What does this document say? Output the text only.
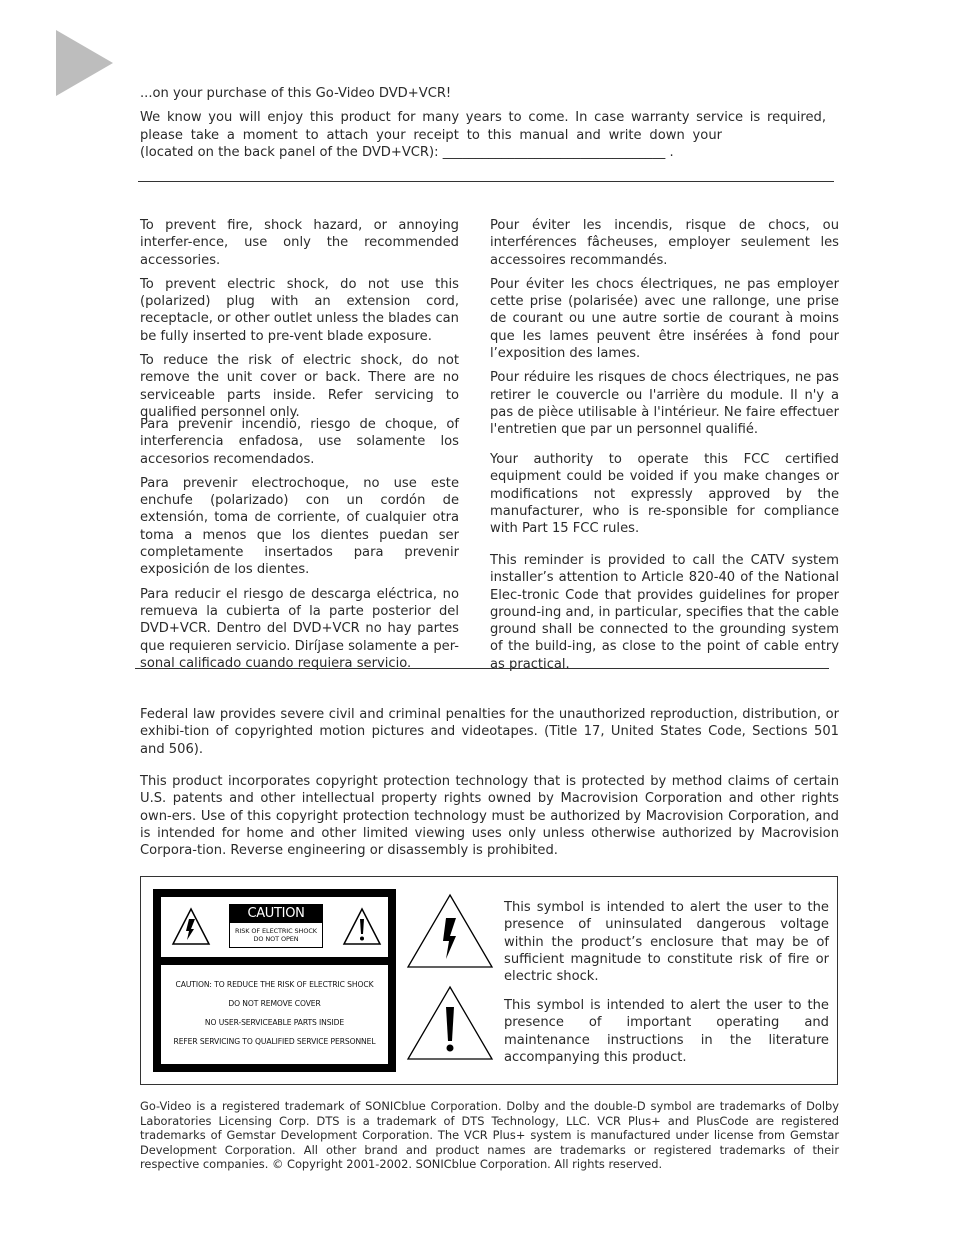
...on your purchase of this Go-Video DVD+VCR!

We know you will enjoy this product for many years to come. In case warranty service is required, please take a moment to attach your receipt to this manual and write down your(located on the back panel of the DVD+VCR): __________________________________ .

To prevent fire, shock hazard, or annoying interfer-ence, use only the recommended accessories.

To prevent electric shock, do not use this (polarized) plug with an extension cord, receptacle, or other outlet unless the blades can be fully inserted to pre-vent blade exposure.

To reduce the risk of electric shock, do not remove the unit cover or back. There are no serviceable parts inside. Refer servicing to qualified personnel only.

Para prevenir incendio, riesgo de choque, of interferencia enfadosa, use solamente los accesorios recomendados.

Para prevenir electrochoque, no use este enchufe (polarizado) con un cordón de extensión, toma de corriente, of cualquier otra toma a menos que los dientes puedan ser completamente insertados para prevenir exposición de los dientes.

Para reducir el riesgo de descarga eléctrica, no remueva la cubierta of la parte posterior del DVD+VCR. Dentro del DVD+VCR no hay partes que requieren servicio. Diríjase solamente a per-sonal calificado cuando requiera servicio.

Pour éviter les incendis, risque de chocs, ou interférences fâcheuses, employer seulement les accessoires recommandés.

Pour éviter les chocs électriques, ne pas employer cette prise (polarisée) avec une rallonge, une prise de courant ou une autre sortie de courant à moins que les lames peuvent être insérées à fond pour l’exposition des lames.

Pour réduire les risques de chocs électriques, ne pas retirer le couvercle ou l'arrière du module. Il n'y a pas de pièce utilisable à l'intérieur. Ne faire effectuer l'entretien que par un personnel qualifié.

Your authority to operate this FCC certified equipment could be voided if you make changes or modifications not expressly approved by the manufacturer, who is re-sponsible for compliance with Part 15 FCC rules.

This reminder is provided to call the CATV system installer’s attention to Article 820-40 of the National Elec-tronic Code that provides guidelines for proper ground-ing and, in particular, specifies that the cable ground shall be connected to the grounding system of the build-ing, as close to the point of cable entry as practical.

Federal law provides severe civil and criminal penalties for the unauthorized reproduction, distribution, or exhibi-tion of copyrighted motion pictures and videotapes. (Title 17, United States Code, Sections 501 and 506).

This product incorporates copyright protection technology that is protected by method claims of certain U.S. patents and other intellectual property rights owned by Macrovision Corporation and other rights own-ers. Use of this copyright protection technology must be authorized by Macrovision Corporation, and is intended for home and other limited viewing uses only unless otherwise authorized by Macrovision Corpora-tion. Reverse engineering or disassembly is prohibited.

CAUTION
RISK OF ELECTRIC SHOCK
DO NOT OPEN
CAUTION: TO REDUCE THE RISK OF ELECTRIC SHOCK
DO NOT REMOVE COVER
NO USER-SERVICEABLE PARTS INSIDE
REFER SERVICING TO QUALIFIED SERVICE PERSONNEL

This symbol is intended to alert the user to the presence of uninsulated dangerous voltage within the product’s enclosure that may be of sufficient magnitude to constitute risk of fire or electric shock.

This symbol is intended to alert the user to the presence of important operating and maintenance instructions in the literature accompanying this product.

Go-Video is a registered trademark of SONICblue Corporation. Dolby and the double-D symbol are trademarks of Dolby Laboratories Licensing Corp. DTS is a trademark of DTS Technology, LLC. VCR Plus+ and PlusCode are registered trademarks of Gemstar Development Corporation. The VCR Plus+ system is manufactured under license from Gemstar Development Corporation. All other brand and product names are trademarks or registered trademarks of their respective companies. © Copyright 2001-2002. SONICblue Corporation. All rights reserved.
